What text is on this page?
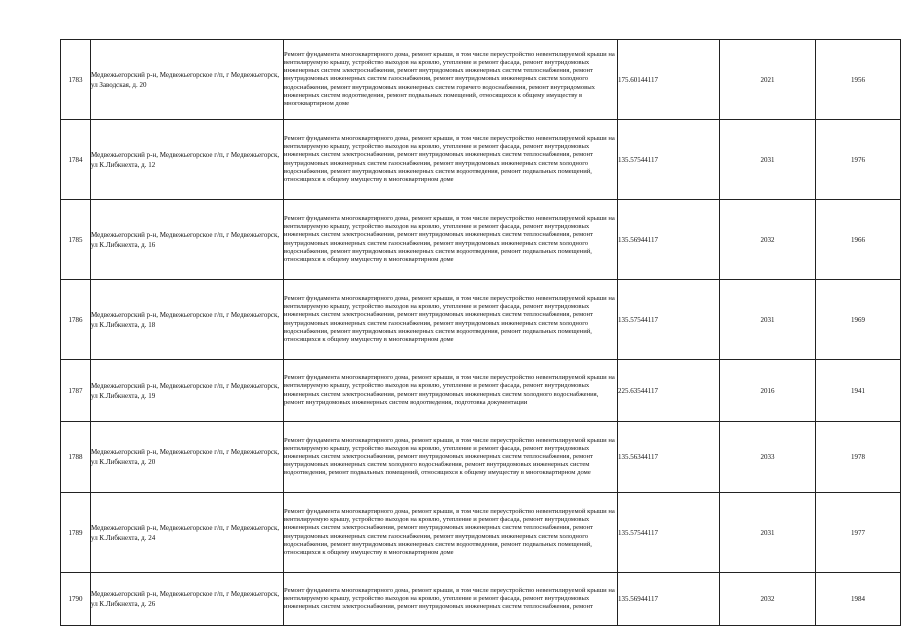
1783	Медвежьегорский р-н, Медвежьегорское г/п, г Медвежьегорск, ул Заводская, д. 20	Ремонт фундамента многоквартирного дома, ремонт крыши, в том числе переустройство невентилируемой крыши на вентилируемую крышу, устройство выходов на кровлю, утепление и ремонт фасада, ремонт внутридомовых инженерных систем электроснабжения, ремонт внутридомовых инженерных систем теплоснабжения, ремонт внутридомовых инженерных систем газоснабжения, ремонт внутридомовых инженерных систем холодного водоснабжения, ремонт внутридомовых инженерных систем горячего водоснабжения, ремонт внутридомовых инженерных систем водоотведения, ремонт подвальных помещений, относящихся к общему имуществу в многоквартирном доме	175.60144117	2021	1956
1784	Медвежьегорский р-н, Медвежьегорское г/п, г Медвежьегорск, ул К.Либкнехта, д. 12	Ремонт фундамента многоквартирного дома, ремонт крыши, в том числе переустройство невентилируемой крыши на вентилируемую крышу, устройство выходов на кровлю, утепление и ремонт фасада, ремонт внутридомовых инженерных систем электроснабжения, ремонт внутридомовых инженерных систем теплоснабжения, ремонт внутридомовых инженерных систем газоснабжения, ремонт внутридомовых инженерных систем холодного водоснабжения, ремонт внутридомовых инженерных систем водоотведения, ремонт подвальных помещений, относящихся к общему имуществу в многоквартирном доме	135.57544117	2031	1976
1785	Медвежьегорский р-н, Медвежьегорское г/п, г Медвежьегорск, ул К.Либкнехта, д. 16	Ремонт фундамента многоквартирного дома, ремонт крыши, в том числе переустройство невентилируемой крыши на вентилируемую крышу, устройство выходов на кровлю, утепление и ремонт фасада, ремонт внутридомовых инженерных систем электроснабжения, ремонт внутридомовых инженерных систем теплоснабжения, ремонт внутридомовых инженерных систем газоснабжения, ремонт внутридомовых инженерных систем холодного водоснабжения, ремонт внутридомовых инженерных систем водоотведения, ремонт подвальных помещений, относящихся к общему имуществу в многоквартирном доме	135.56944117	2032	1966
1786	Медвежьегорский р-н, Медвежьегорское г/п, г Медвежьегорск, ул К.Либкнехта, д. 18	Ремонт фундамента многоквартирного дома, ремонт крыши, в том числе переустройство невентилируемой крыши на вентилируемую крышу, устройство выходов на кровлю, утепление и ремонт фасада, ремонт внутридомовых инженерных систем электроснабжения, ремонт внутридомовых инженерных систем теплоснабжения, ремонт внутридомовых инженерных систем газоснабжения, ремонт внутридомовых инженерных систем холодного водоснабжения, ремонт внутридомовых инженерных систем водоотведения, ремонт подвальных помещений, относящихся к общему имуществу в многоквартирном доме	135.57544117	2031	1969
1787	Медвежьегорский р-н, Медвежьегорское г/п, г Медвежьегорск, ул К.Либкнехта, д. 19	Ремонт фундамента многоквартирного дома, ремонт крыши, в том числе переустройство невентилируемой крыши на вентилируемую крышу, устройство выходов на кровлю, утепление и ремонт фасада, ремонт внутридомовых инженерных систем электроснабжения, ремонт внутридомовых инженерных систем холодного водоснабжения, ремонт внутридомовых инженерных систем водоотведения, подготовка документации	225.63544117	2016	1941
1788	Медвежьегорский р-н, Медвежьегорское г/п, г Медвежьегорск, ул К.Либкнехта, д. 20	Ремонт фундамента многоквартирного дома, ремонт крыши, в том числе переустройство невентилируемой крыши на вентилируемую крышу, устройство выходов на кровлю, утепление и ремонт фасада, ремонт внутридомовых инженерных систем электроснабжения, ремонт внутридомовых инженерных систем теплоснабжения, ремонт внутридомовых инженерных систем холодного водоснабжения, ремонт внутридомовых инженерных систем водоотведения, ремонт подвальных помещений, относящихся к общему имуществу в многоквартирном доме	135.56344117	2033	1978
1789	Медвежьегорский р-н, Медвежьегорское г/п, г Медвежьегорск, ул К.Либкнехта, д. 24	Ремонт фундамента многоквартирного дома, ремонт крыши, в том числе переустройство невентилируемой крыши на вентилируемую крышу, устройство выходов на кровлю, утепление и ремонт фасада, ремонт внутридомовых инженерных систем электроснабжения, ремонт внутридомовых инженерных систем теплоснабжения, ремонт внутридомовых инженерных систем газоснабжения, ремонт внутридомовых инженерных систем холодного водоснабжения, ремонт внутридомовых инженерных систем водоотведения, ремонт подвальных помещений, относящихся к общему имуществу в многоквартирном доме	135.57544117	2031	1977
1790	Медвежьегорский р-н, Медвежьегорское г/п, г Медвежьегорск, ул К.Либкнехта, д. 26	Ремонт фундамента многоквартирного дома, ремонт крыши, в том числе переустройство невентилируемой крыши на вентилируемую крышу, устройство выходов на кровлю, утепление и ремонт фасада, ремонт внутридомовых инженерных систем электроснабжения, ремонт внутридомовых инженерных систем теплоснабжения, ремонт	135.56944117	2032	1984
